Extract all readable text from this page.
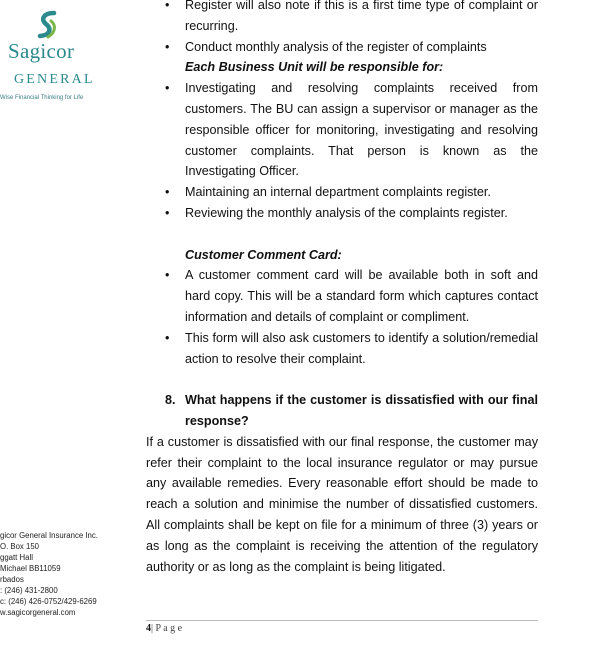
Sagicor
GENERAL
Wise Financial Thinking for Life
gicor General Insurance Inc.
O. Box 150
ggatt Hall
Michael BB11059
rbados
: (246) 431-2800
c: (246) 426-0752/429-6269
w.sagicorgeneral.com
• Register will also note if this is a first time type of complaint or recurring.
• Conduct monthly analysis of the register of complaints
Each Business Unit will be responsible for:
• Investigating and resolving complaints received from customers. The BU can assign a supervisor or manager as the responsible officer for monitoring, investigating and resolving customer complaints. That person is known as the Investigating Officer.
• Maintaining an internal department complaints register.
• Reviewing the monthly analysis of the complaints register.
Customer Comment Card:
• A customer comment card will be available both in soft and hard copy. This will be a standard form which captures contact information and details of complaint or compliment.
• This form will also ask customers to identify a solution/remedial action to resolve their complaint.
8. What happens if the customer is dissatisfied with our final response?

If a customer is dissatisfied with our final response, the customer may refer their complaint to the local insurance regulator or may pursue any available remedies. Every reasonable effort should be made to reach a solution and minimise the number of dissatisfied customers. All complaints shall be kept on file for a minimum of three (3) years or as long as the complaint is receiving the attention of the regulatory authority or as long as the complaint is being litigated.

4| P a g e
